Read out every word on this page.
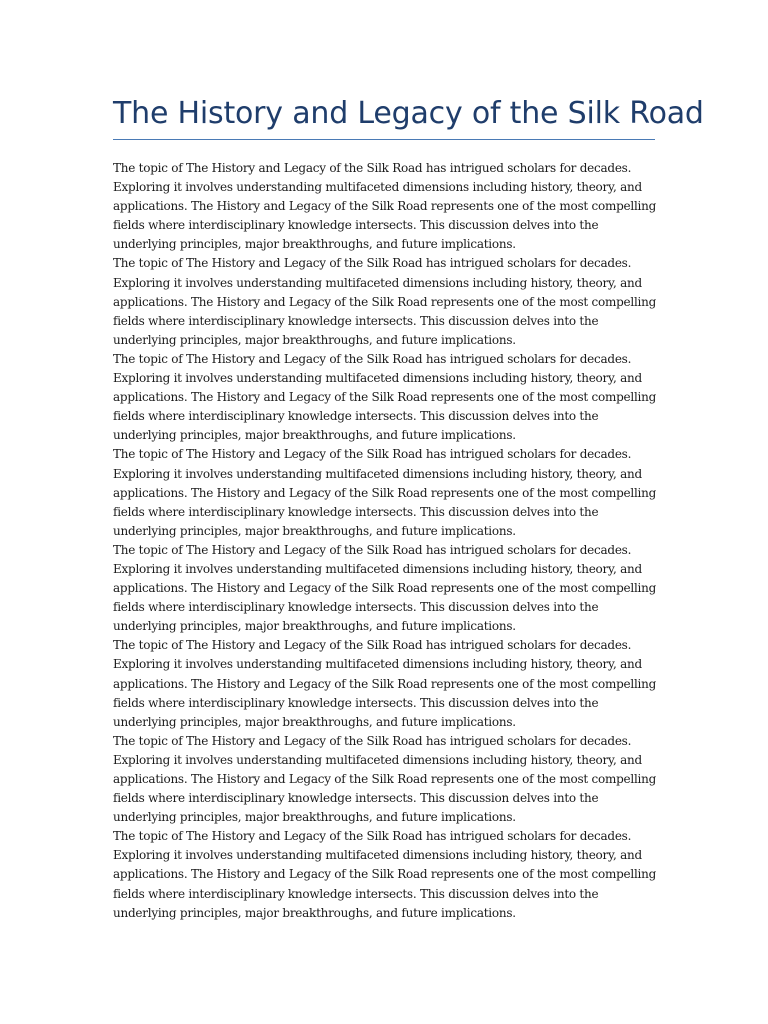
The History and Legacy of the Silk Road

The topic of The History and Legacy of the Silk Road has intrigued scholars for decades. Exploring it involves understanding multifaceted dimensions including history, theory, and applications. The History and Legacy of the Silk Road represents one of the most compelling fields where interdisciplinary knowledge intersects. This discussion delves into the underlying principles, major breakthroughs, and future implications.

The topic of The History and Legacy of the Silk Road has intrigued scholars for decades. Exploring it involves understanding multifaceted dimensions including history, theory, and applications. The History and Legacy of the Silk Road represents one of the most compelling fields where interdisciplinary knowledge intersects. This discussion delves into the underlying principles, major breakthroughs, and future implications.

The topic of The History and Legacy of the Silk Road has intrigued scholars for decades. Exploring it involves understanding multifaceted dimensions including history, theory, and applications. The History and Legacy of the Silk Road represents one of the most compelling fields where interdisciplinary knowledge intersects. This discussion delves into the underlying principles, major breakthroughs, and future implications.

The topic of The History and Legacy of the Silk Road has intrigued scholars for decades. Exploring it involves understanding multifaceted dimensions including history, theory, and applications. The History and Legacy of the Silk Road represents one of the most compelling fields where interdisciplinary knowledge intersects. This discussion delves into the underlying principles, major breakthroughs, and future implications.

The topic of The History and Legacy of the Silk Road has intrigued scholars for decades. Exploring it involves understanding multifaceted dimensions including history, theory, and applications. The History and Legacy of the Silk Road represents one of the most compelling fields where interdisciplinary knowledge intersects. This discussion delves into the underlying principles, major breakthroughs, and future implications.

The topic of The History and Legacy of the Silk Road has intrigued scholars for decades. Exploring it involves understanding multifaceted dimensions including history, theory, and applications. The History and Legacy of the Silk Road represents one of the most compelling fields where interdisciplinary knowledge intersects. This discussion delves into the underlying principles, major breakthroughs, and future implications.

The topic of The History and Legacy of the Silk Road has intrigued scholars for decades. Exploring it involves understanding multifaceted dimensions including history, theory, and applications. The History and Legacy of the Silk Road represents one of the most compelling fields where interdisciplinary knowledge intersects. This discussion delves into the underlying principles, major breakthroughs, and future implications.

The topic of The History and Legacy of the Silk Road has intrigued scholars for decades. Exploring it involves understanding multifaceted dimensions including history, theory, and applications. The History and Legacy of the Silk Road represents one of the most compelling fields where interdisciplinary knowledge intersects. This discussion delves into the underlying principles, major breakthroughs, and future implications.
